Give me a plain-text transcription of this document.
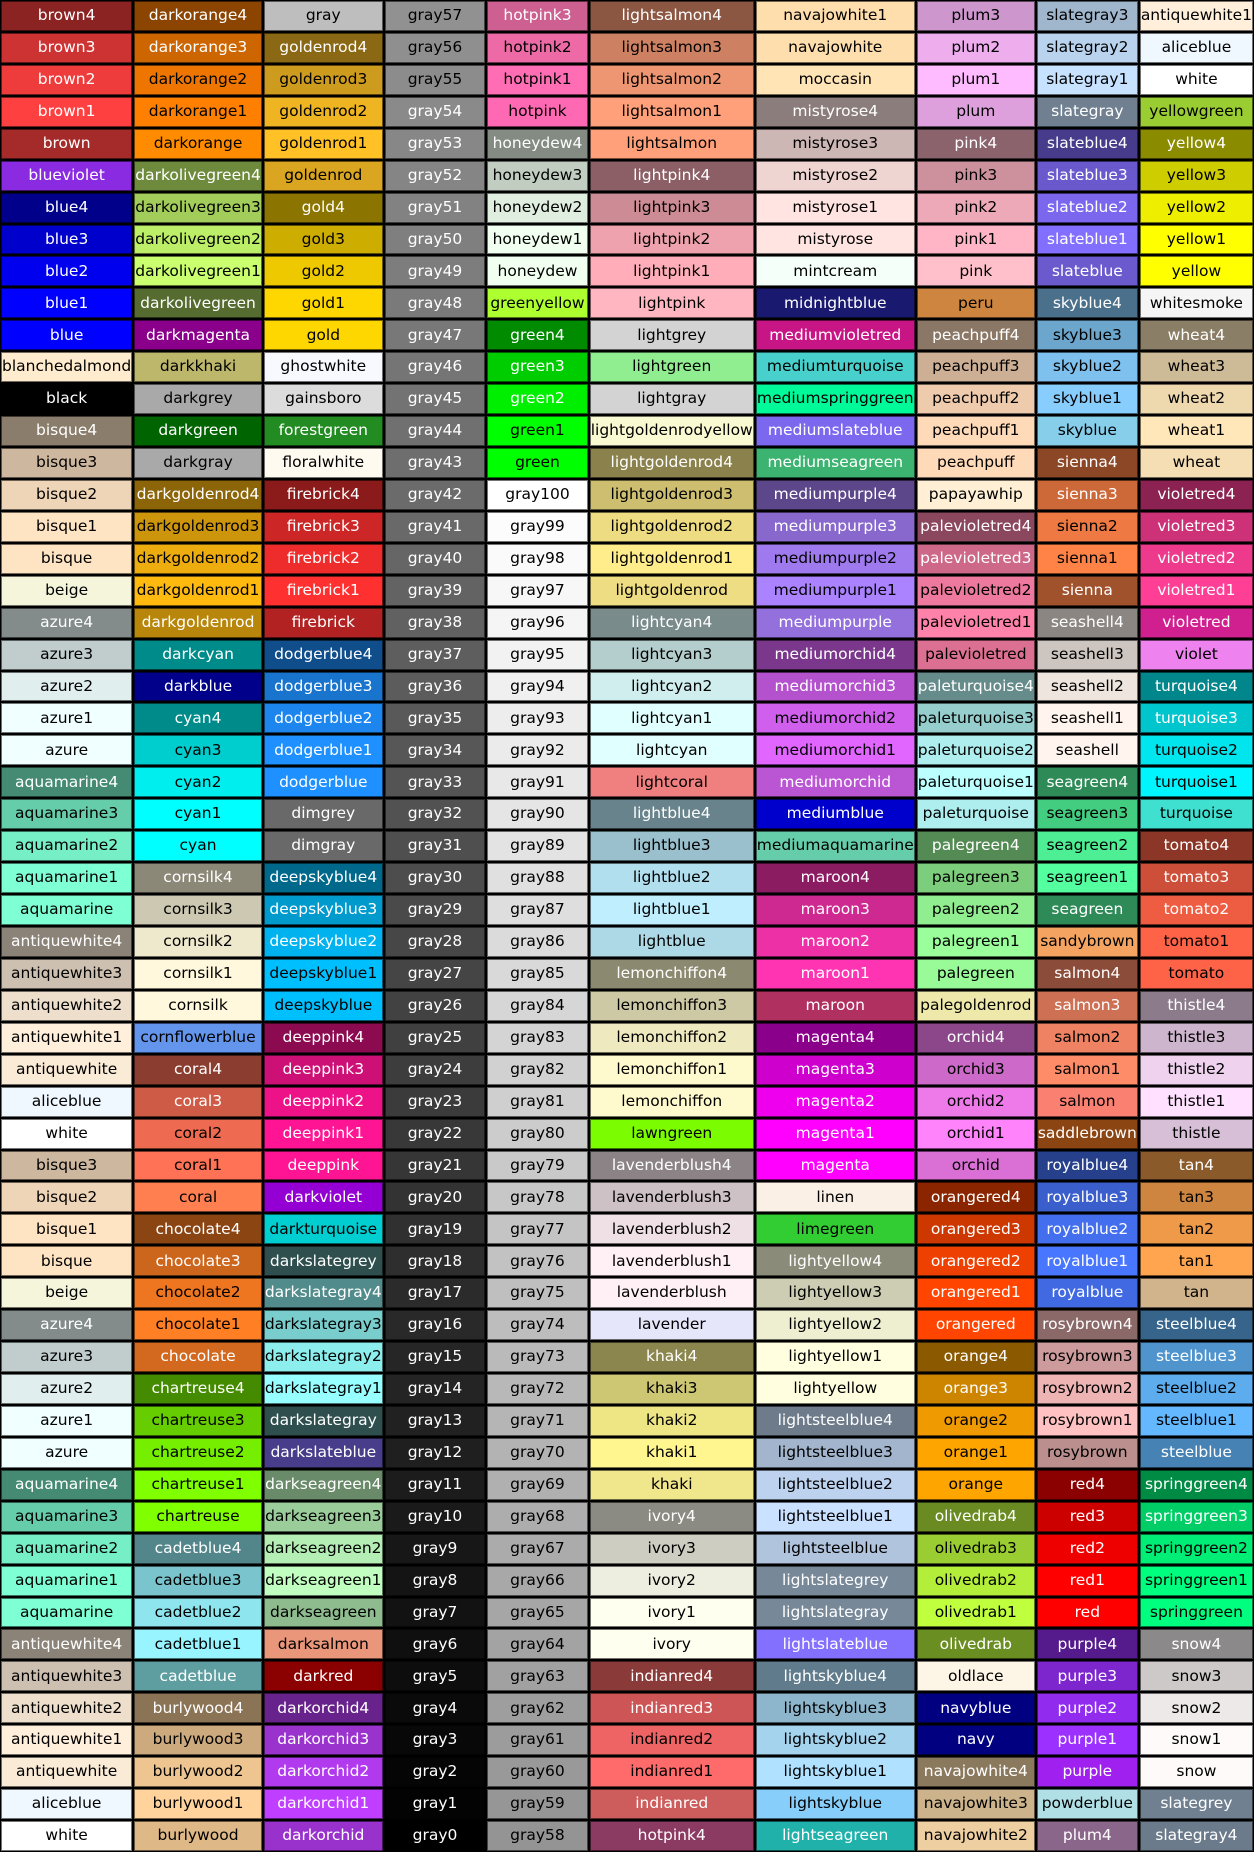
brown4
brown3
brown2
brown1
brown
blueviolet
blue4
blue3
blue2
blue1
blue
blanchedalmond
black
bisque4
bisque3
bisque2
bisque1
bisque
beige
azure4
azure3
azure2
azure1
azure
aquamarine4
aquamarine3
aquamarine2
aquamarine1
aquamarine
antiquewhite4
antiquewhite3
antiquewhite2
antiquewhite1
antiquewhite
aliceblue
white
bisque3
bisque2
bisque1
bisque
beige
azure4
azure3
azure2
azure1
azure
aquamarine4
aquamarine3
aquamarine2
aquamarine1
aquamarine
antiquewhite4
antiquewhite3
antiquewhite2
antiquewhite1
antiquewhite
aliceblue
white
darkorange4
darkorange3
darkorange2
darkorange1
darkorange
darkolivegreen4
darkolivegreen3
darkolivegreen2
darkolivegreen1
darkolivegreen
darkmagenta
darkkhaki
darkgrey
darkgreen
darkgray
darkgoldenrod4
darkgoldenrod3
darkgoldenrod2
darkgoldenrod1
darkgoldenrod
darkcyan
darkblue
cyan4
cyan3
cyan2
cyan1
cyan
cornsilk4
cornsilk3
cornsilk2
cornsilk1
cornsilk
cornflowerblue
coral4
coral3
coral2
coral1
coral
chocolate4
chocolate3
chocolate2
chocolate1
chocolate
chartreuse4
chartreuse3
chartreuse2
chartreuse1
chartreuse
cadetblue4
cadetblue3
cadetblue2
cadetblue1
cadetblue
burlywood4
burlywood3
burlywood2
burlywood1
burlywood
gray
goldenrod4
goldenrod3
goldenrod2
goldenrod1
goldenrod
gold4
gold3
gold2
gold1
gold
ghostwhite
gainsboro
forestgreen
floralwhite
firebrick4
firebrick3
firebrick2
firebrick1
firebrick
dodgerblue4
dodgerblue3
dodgerblue2
dodgerblue1
dodgerblue
dimgrey
dimgray
deepskyblue4
deepskyblue3
deepskyblue2
deepskyblue1
deepskyblue
deeppink4
deeppink3
deeppink2
deeppink1
deeppink
darkviolet
darkturquoise
darkslategrey
darkslategray4
darkslategray3
darkslategray2
darkslategray1
darkslategray
darkslateblue
darkseagreen4
darkseagreen3
darkseagreen2
darkseagreen1
darkseagreen
darksalmon
darkred
darkorchid4
darkorchid3
darkorchid2
darkorchid1
darkorchid
gray57
gray56
gray55
gray54
gray53
gray52
gray51
gray50
gray49
gray48
gray47
gray46
gray45
gray44
gray43
gray42
gray41
gray40
gray39
gray38
gray37
gray36
gray35
gray34
gray33
gray32
gray31
gray30
gray29
gray28
gray27
gray26
gray25
gray24
gray23
gray22
gray21
gray20
gray19
gray18
gray17
gray16
gray15
gray14
gray13
gray12
gray11
gray10
gray9
gray8
gray7
gray6
gray5
gray4
gray3
gray2
gray1
gray0
hotpink3
hotpink2
hotpink1
hotpink
honeydew4
honeydew3
honeydew2
honeydew1
honeydew
greenyellow
green4
green3
green2
green1
green
gray100
gray99
gray98
gray97
gray96
gray95
gray94
gray93
gray92
gray91
gray90
gray89
gray88
gray87
gray86
gray85
gray84
gray83
gray82
gray81
gray80
gray79
gray78
gray77
gray76
gray75
gray74
gray73
gray72
gray71
gray70
gray69
gray68
gray67
gray66
gray65
gray64
gray63
gray62
gray61
gray60
gray59
gray58
lightsalmon4
lightsalmon3
lightsalmon2
lightsalmon1
lightsalmon
lightpink4
lightpink3
lightpink2
lightpink1
lightpink
lightgrey
lightgreen
lightgray
lightgoldenrodyellow
lightgoldenrod4
lightgoldenrod3
lightgoldenrod2
lightgoldenrod1
lightgoldenrod
lightcyan4
lightcyan3
lightcyan2
lightcyan1
lightcyan
lightcoral
lightblue4
lightblue3
lightblue2
lightblue1
lightblue
lemonchiffon4
lemonchiffon3
lemonchiffon2
lemonchiffon1
lemonchiffon
lawngreen
lavenderblush4
lavenderblush3
lavenderblush2
lavenderblush1
lavenderblush
lavender
khaki4
khaki3
khaki2
khaki1
khaki
ivory4
ivory3
ivory2
ivory1
ivory
indianred4
indianred3
indianred2
indianred1
indianred
hotpink4
navajowhite1
navajowhite
moccasin
mistyrose4
mistyrose3
mistyrose2
mistyrose1
mistyrose
mintcream
midnightblue
mediumvioletred
mediumturquoise
mediumspringgreen
mediumslateblue
mediumseagreen
mediumpurple4
mediumpurple3
mediumpurple2
mediumpurple1
mediumpurple
mediumorchid4
mediumorchid3
mediumorchid2
mediumorchid1
mediumorchid
mediumblue
mediumaquamarine
maroon4
maroon3
maroon2
maroon1
maroon
magenta4
magenta3
magenta2
magenta1
magenta
linen
limegreen
lightyellow4
lightyellow3
lightyellow2
lightyellow1
lightyellow
lightsteelblue4
lightsteelblue3
lightsteelblue2
lightsteelblue1
lightsteelblue
lightslategrey
lightslategray
lightslateblue
lightskyblue4
lightskyblue3
lightskyblue2
lightskyblue1
lightskyblue
lightseagreen
plum3
plum2
plum1
plum
pink4
pink3
pink2
pink1
pink
peru
peachpuff4
peachpuff3
peachpuff2
peachpuff1
peachpuff
papayawhip
palevioletred4
palevioletred3
palevioletred2
palevioletred1
palevioletred
paleturquoise4
paleturquoise3
paleturquoise2
paleturquoise1
paleturquoise
palegreen4
palegreen3
palegreen2
palegreen1
palegreen
palegoldenrod
orchid4
orchid3
orchid2
orchid1
orchid
orangered4
orangered3
orangered2
orangered1
orangered
orange4
orange3
orange2
orange1
orange
olivedrab4
olivedrab3
olivedrab2
olivedrab1
olivedrab
oldlace
navyblue
navy
navajowhite4
navajowhite3
navajowhite2
slategray3
slategray2
slategray1
slategray
slateblue4
slateblue3
slateblue2
slateblue1
slateblue
skyblue4
skyblue3
skyblue2
skyblue1
skyblue
sienna4
sienna3
sienna2
sienna1
sienna
seashell4
seashell3
seashell2
seashell1
seashell
seagreen4
seagreen3
seagreen2
seagreen1
seagreen
sandybrown
salmon4
salmon3
salmon2
salmon1
salmon
saddlebrown
royalblue4
royalblue3
royalblue2
royalblue1
royalblue
rosybrown4
rosybrown3
rosybrown2
rosybrown1
rosybrown
red4
red3
red2
red1
red
purple4
purple3
purple2
purple1
purple
powderblue
plum4
antiquewhite1
aliceblue
white
yellowgreen
yellow4
yellow3
yellow2
yellow1
yellow
whitesmoke
wheat4
wheat3
wheat2
wheat1
wheat
violetred4
violetred3
violetred2
violetred1
violetred
violet
turquoise4
turquoise3
turquoise2
turquoise1
turquoise
tomato4
tomato3
tomato2
tomato1
tomato
thistle4
thistle3
thistle2
thistle1
thistle
tan4
tan3
tan2
tan1
tan
steelblue4
steelblue3
steelblue2
steelblue1
steelblue
springgreen4
springgreen3
springgreen2
springgreen1
springgreen
snow4
snow3
snow2
snow1
snow
slategrey
slategray4
